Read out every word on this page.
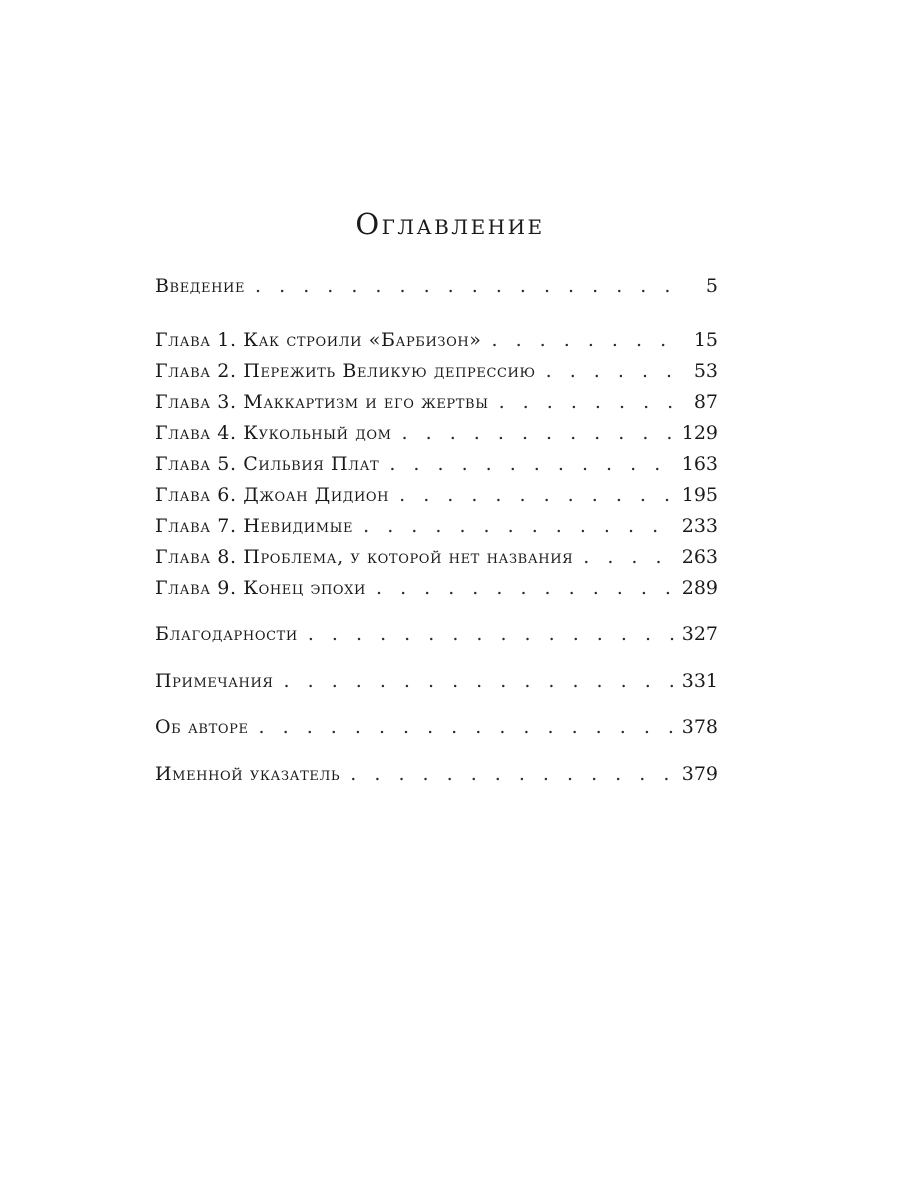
Оглавление
Введение . . .	5
Глава 1. Как строили «Барбизон» . . .	15
Глава 2. Пережить Великую депрессию . . .	53
Глава 3. Маккартизм и его жертвы . . .	87
Глава 4. Кукольный дом . . .	129
Глава 5. Сильвия Плат . . .	163
Глава 6. Джоан Дидион . . .	195
Глава 7. Невидимые . . .	233
Глава 8. Проблема, у которой нет названия . . .	263
Глава 9. Конец эпохи . . .	289
Благодарности . . .	327
Примечания . . .	331
Об авторе . . .	378
Именной указатель . . .	379
